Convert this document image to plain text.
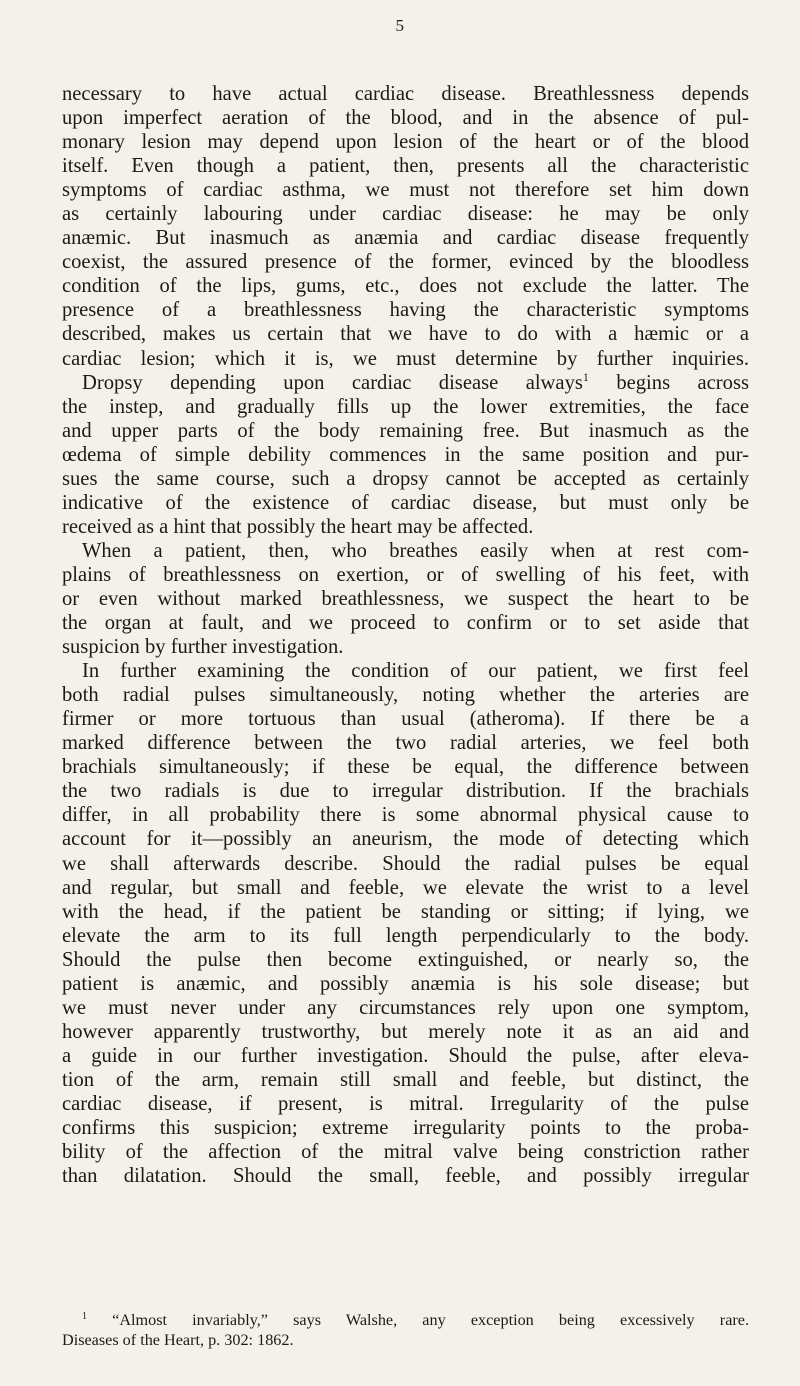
5
necessary to have actual cardiac disease. Breathlessness depends
upon imperfect aeration of the blood, and in the absence of pul-
monary lesion may depend upon lesion of the heart or of the blood
itself. Even though a patient, then, presents all the characteristic
symptoms of cardiac asthma, we must not therefore set him down
as certainly labouring under cardiac disease: he may be only
anæmic. But inasmuch as anæmia and cardiac disease frequently
coexist, the assured presence of the former, evinced by the bloodless
condition of the lips, gums, etc., does not exclude the latter. The
presence of a breathlessness having the characteristic symptoms
described, makes us certain that we have to do with a hæmic or a
cardiac lesion; which it is, we must determine by further inquiries.
Dropsy depending upon cardiac disease always$^1$ begins across
the instep, and gradually fills up the lower extremities, the face
and upper parts of the body remaining free. But inasmuch as the
œdema of simple debility commences in the same position and pur-
sues the same course, such a dropsy cannot be accepted as certainly
indicative of the existence of cardiac disease, but must only be
received as a hint that possibly the heart may be affected.
When a patient, then, who breathes easily when at rest com-
plains of breathlessness on exertion, or of swelling of his feet, with
or even without marked breathlessness, we suspect the heart to be
the organ at fault, and we proceed to confirm or to set aside that
suspicion by further investigation.
In further examining the condition of our patient, we first feel
both radial pulses simultaneously, noting whether the arteries are
firmer or more tortuous than usual (atheroma). If there be a
marked difference between the two radial arteries, we feel both
brachials simultaneously; if these be equal, the difference between
the two radials is due to irregular distribution. If the brachials
differ, in all probability there is some abnormal physical cause to
account for it—possibly an aneurism, the mode of detecting which
we shall afterwards describe. Should the radial pulses be equal
and regular, but small and feeble, we elevate the wrist to a level
with the head, if the patient be standing or sitting; if lying, we
elevate the arm to its full length perpendicularly to the body.
Should the pulse then become extinguished, or nearly so, the
patient is anæmic, and possibly anæmia is his sole disease; but
we must never under any circumstances rely upon one symptom,
however apparently trustworthy, but merely note it as an aid and
a guide in our further investigation. Should the pulse, after eleva-
tion of the arm, remain still small and feeble, but distinct, the
cardiac disease, if present, is mitral. Irregularity of the pulse
confirms this suspicion; extreme irregularity points to the proba-
bility of the affection of the mitral valve being constriction rather
than dilatation. Should the small, feeble, and possibly irregular
$^1$ “Almost invariably,” says Walshe, any exception being excessively rare.
Diseases of the Heart, p. 302: 1862.
